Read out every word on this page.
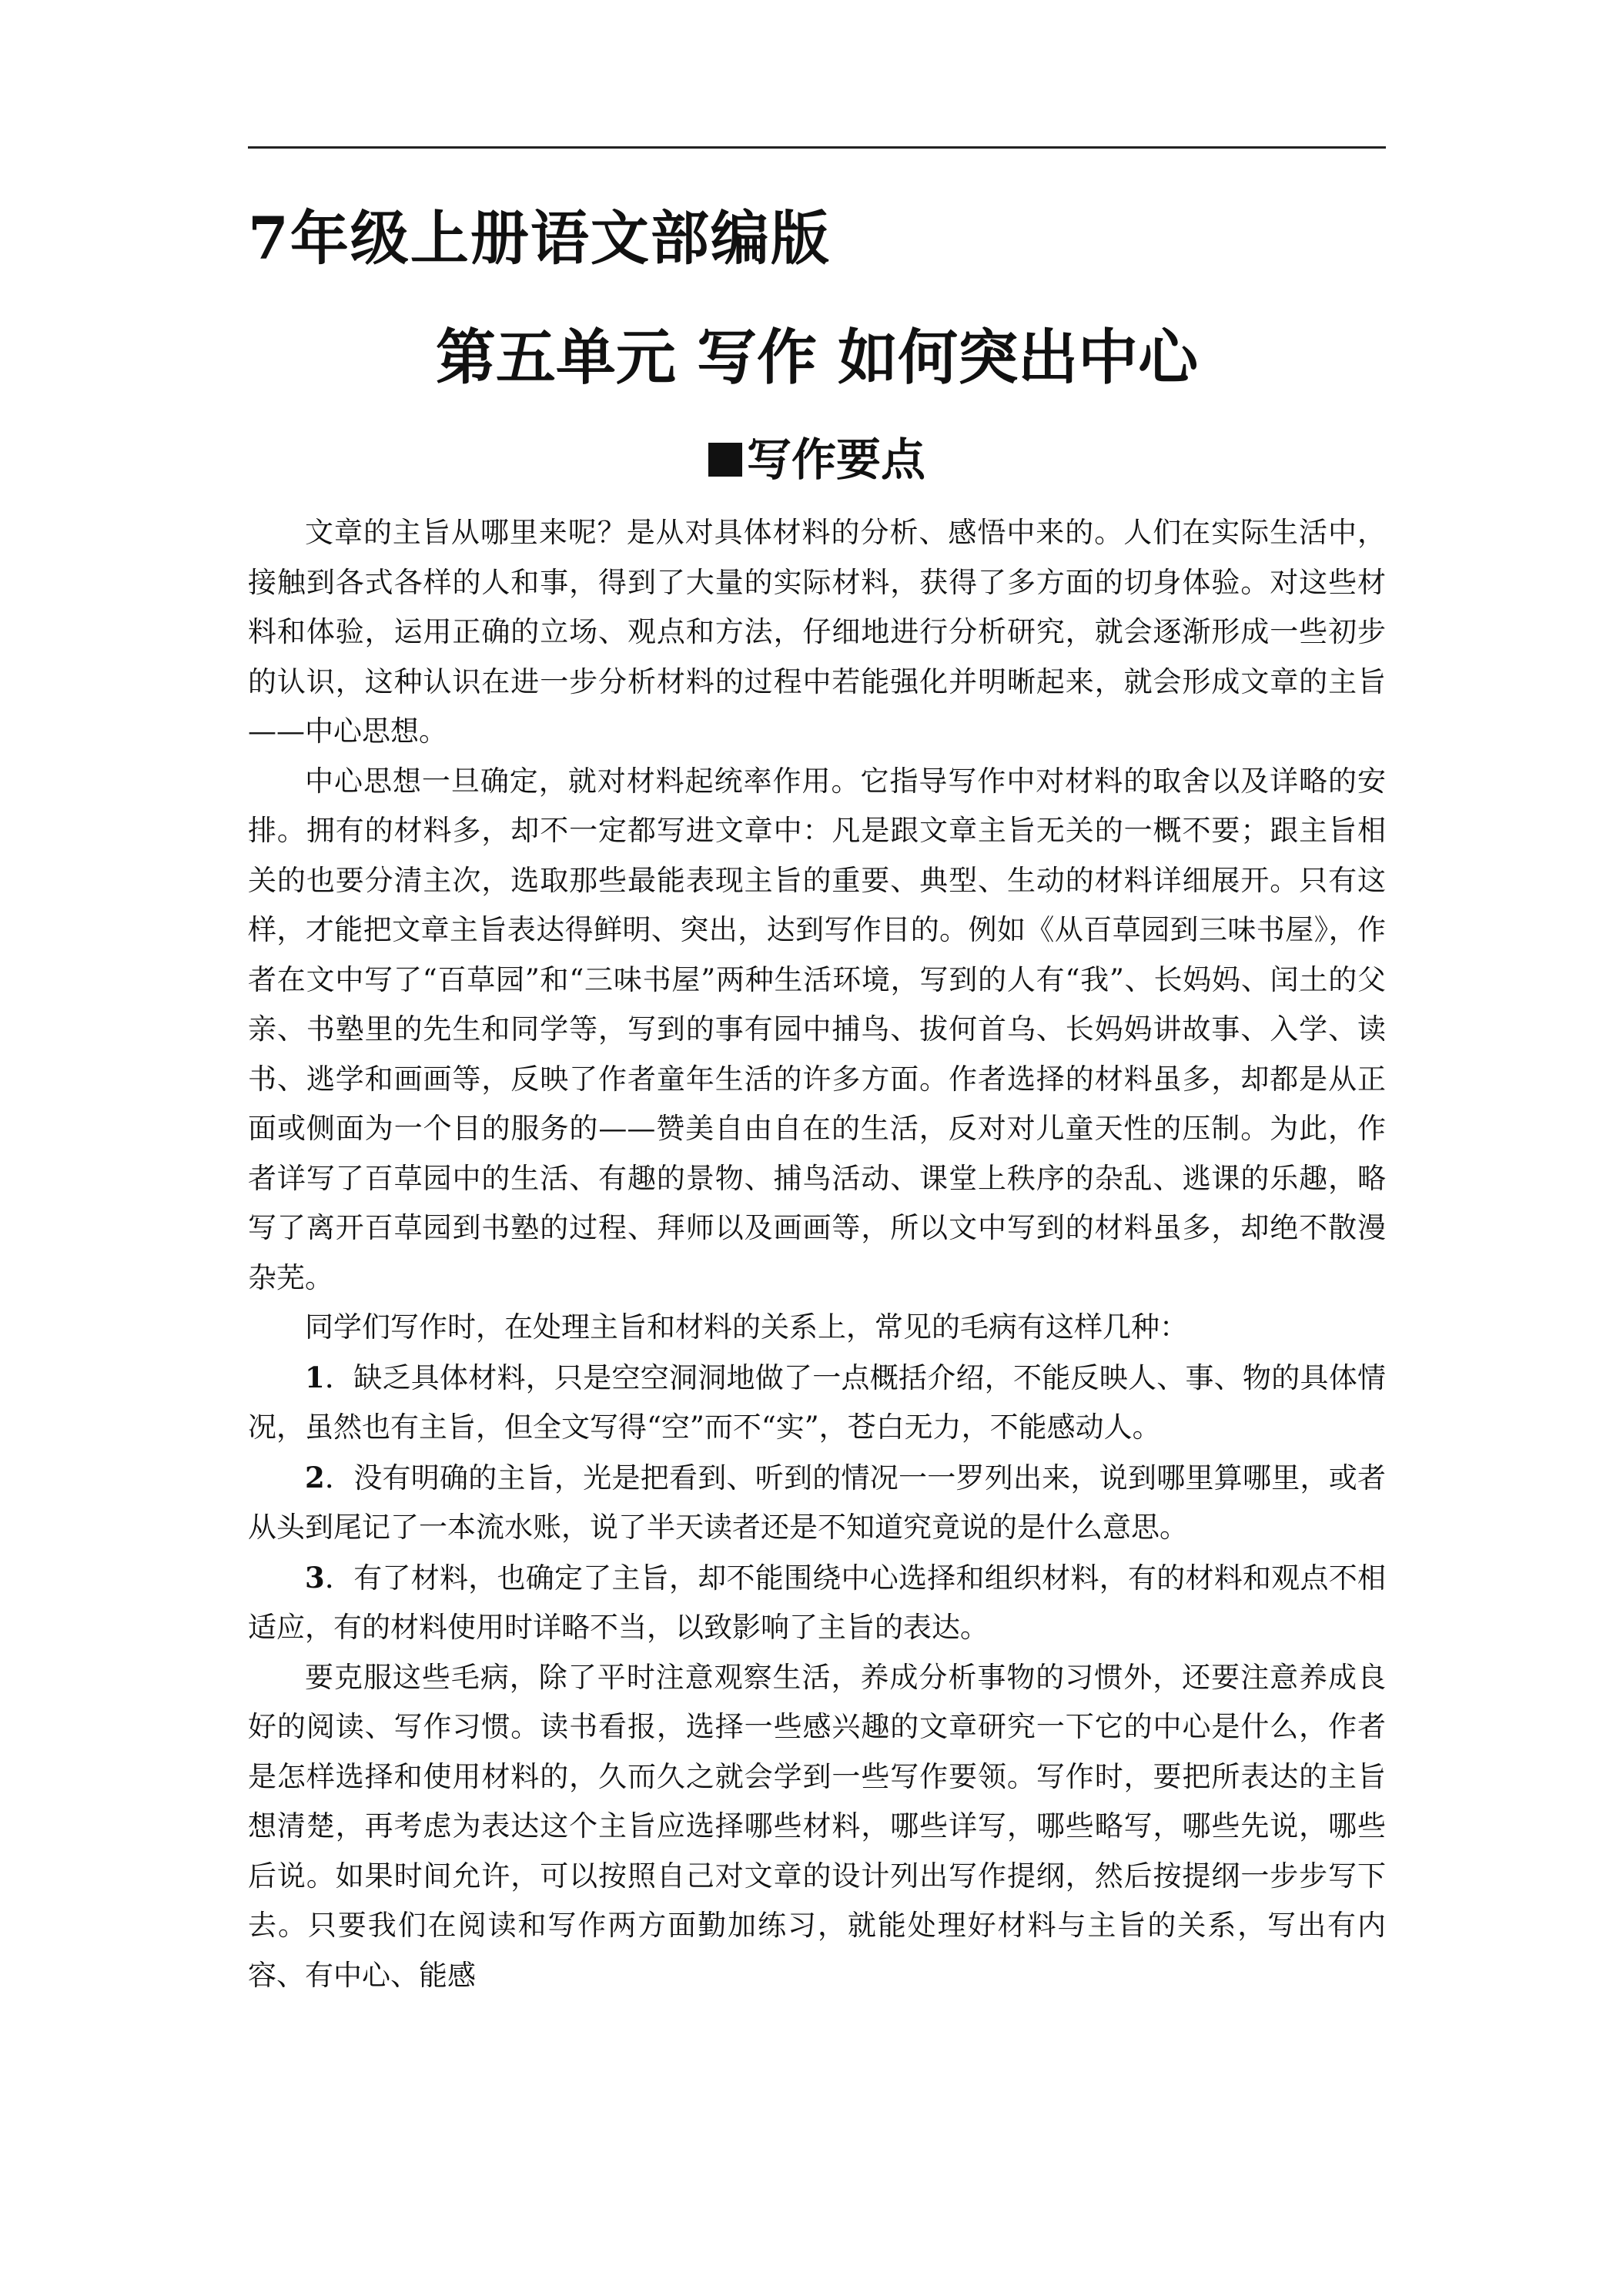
7年级上册语文部编版
第五单元 写作 如何突出中心
写作要点

文章的主旨从哪里来呢？是从对具体材料的分析、感悟中来的。人们在实际生活中，接触到各式各样的人和事，得到了大量的实际材料，获得了多方面的切身体验。对这些材料和体验，运用正确的立场、观点和方法，仔细地进行分析研究，就会逐渐形成一些初步的认识，这种认识在进一步分析材料的过程中若能强化并明晰起来，就会形成文章的主旨——中心思想。

中心思想一旦确定，就对材料起统率作用。它指导写作中对材料的取舍以及详略的安排。拥有的材料多，却不一定都写进文章中：凡是跟文章主旨无关的一概不要；跟主旨相关的也要分清主次，选取那些最能表现主旨的重要、典型、生动的材料详细展开。只有这样，才能把文章主旨表达得鲜明、突出，达到写作目的。例如《从百草园到三味书屋》，作者在文中写了“百草园”和“三味书屋”两种生活环境，写到的人有“我”、长妈妈、闰土的父亲、书塾里的先生和同学等，写到的事有园中捕鸟、拔何首乌、长妈妈讲故事、入学、读书、逃学和画画等，反映了作者童年生活的许多方面。作者选择的材料虽多，却都是从正面或侧面为一个目的服务的——赞美自由自在的生活，反对对儿童天性的压制。为此，作者详写了百草园中的生活、有趣的景物、捕鸟活动、课堂上秩序的杂乱、逃课的乐趣，略写了离开百草园到书塾的过程、拜师以及画画等，所以文中写到的材料虽多，却绝不散漫杂芜。

同学们写作时，在处理主旨和材料的关系上，常见的毛病有这样几种：

1．缺乏具体材料，只是空空洞洞地做了一点概括介绍，不能反映人、事、物的具体情况，虽然也有主旨，但全文写得“空”而不“实”，苍白无力，不能感动人。

2．没有明确的主旨，光是把看到、听到的情况一一罗列出来，说到哪里算哪里，或者从头到尾记了一本流水账，说了半天读者还是不知道究竟说的是什么意思。

3．有了材料，也确定了主旨，却不能围绕中心选择和组织材料，有的材料和观点不相适应，有的材料使用时详略不当，以致影响了主旨的表达。

要克服这些毛病，除了平时注意观察生活，养成分析事物的习惯外，还要注意养成良好的阅读、写作习惯。读书看报，选择一些感兴趣的文章研究一下它的中心是什么，作者是怎样选择和使用材料的，久而久之就会学到一些写作要领。写作时，要把所表达的主旨想清楚，再考虑为表达这个主旨应选择哪些材料，哪些详写，哪些略写，哪些先说，哪些后说。如果时间允许，可以按照自己对文章的设计列出写作提纲，然后按提纲一步步写下去。只要我们在阅读和写作两方面勤加练习，就能处理好材料与主旨的关系，写出有内容、有中心、能感
